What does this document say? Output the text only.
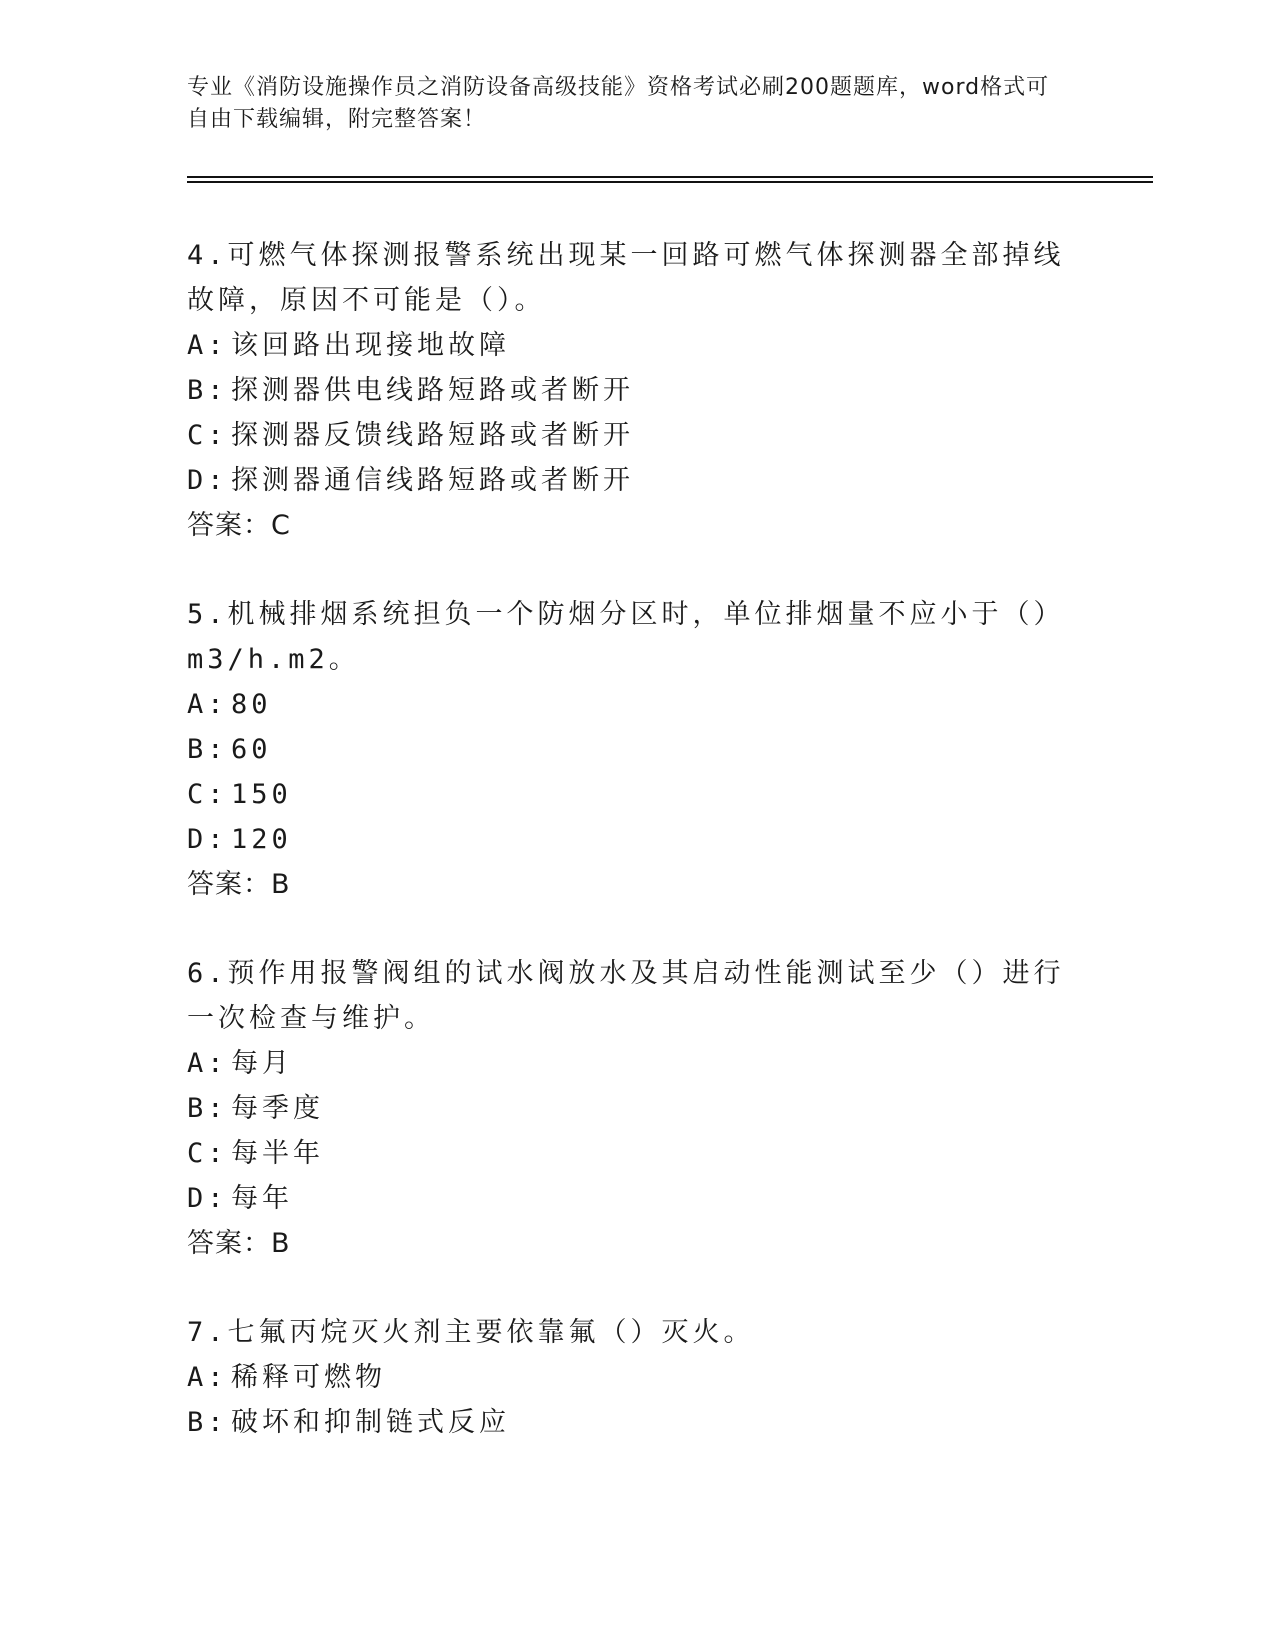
专业《消防设施操作员之消防设备高级技能》资格考试必刷200题题库，word格式可自由下载编辑，附完整答案！
4.可燃气体探测报警系统出现某一回路可燃气体探测器全部掉线故障，原因不可能是（）。
A: 该回路出现接地故障
B: 探测器供电线路短路或者断开
C: 探测器反馈线路短路或者断开
D: 探测器通信线路短路或者断开
答案：C
5.机械排烟系统担负一个防烟分区时，单位排烟量不应小于（）m3/h.m2。
A: 80
B: 60
C: 150
D: 120
答案：B
6.预作用报警阀组的试水阀放水及其启动性能测试至少（）进行一次检查与维护。
A: 每月
B: 每季度
C: 每半年
D: 每年
答案：B
7.七氟丙烷灭火剂主要依靠氟（）灭火。
A: 稀释可燃物
B: 破坏和抑制链式反应
